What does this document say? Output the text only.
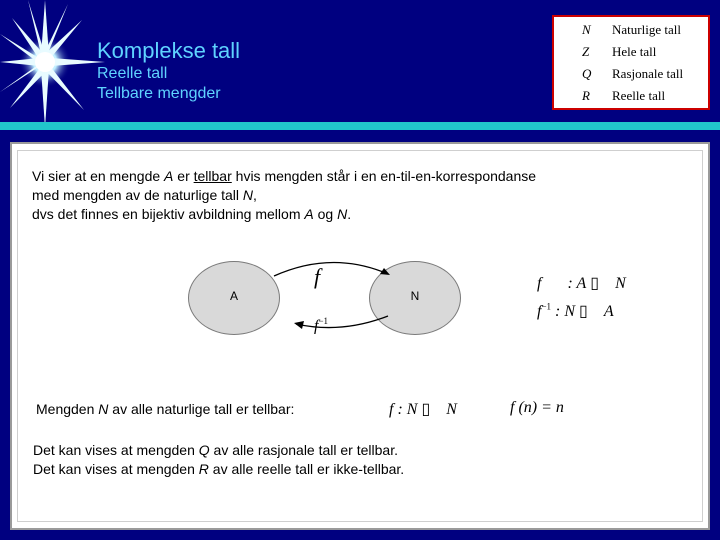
Komplekse tall
Reelle tall
Tellbare mengder
N Naturlige tall
Z Hele tall
Q Rasjonale tall
R Reelle tall
Vi sier at en mengde A er tellbar hvis mengden står i en en-til-en-korrespondanse
med mengden av de naturlige tall N,
dvs det finnes en bijektiv avbildning mellom A og N.
A	N
f
$f^{-1}$
f : A ▯ N
$f^{-1}$ : N ▯ A
Mengden N av alle naturlige tall er tellbar:	f : N ▯ N	f (n) = n
Det kan vises at mengden Q av alle rasjonale tall er tellbar.
Det kan vises at mengden R av alle reelle tall er ikke-tellbar.
